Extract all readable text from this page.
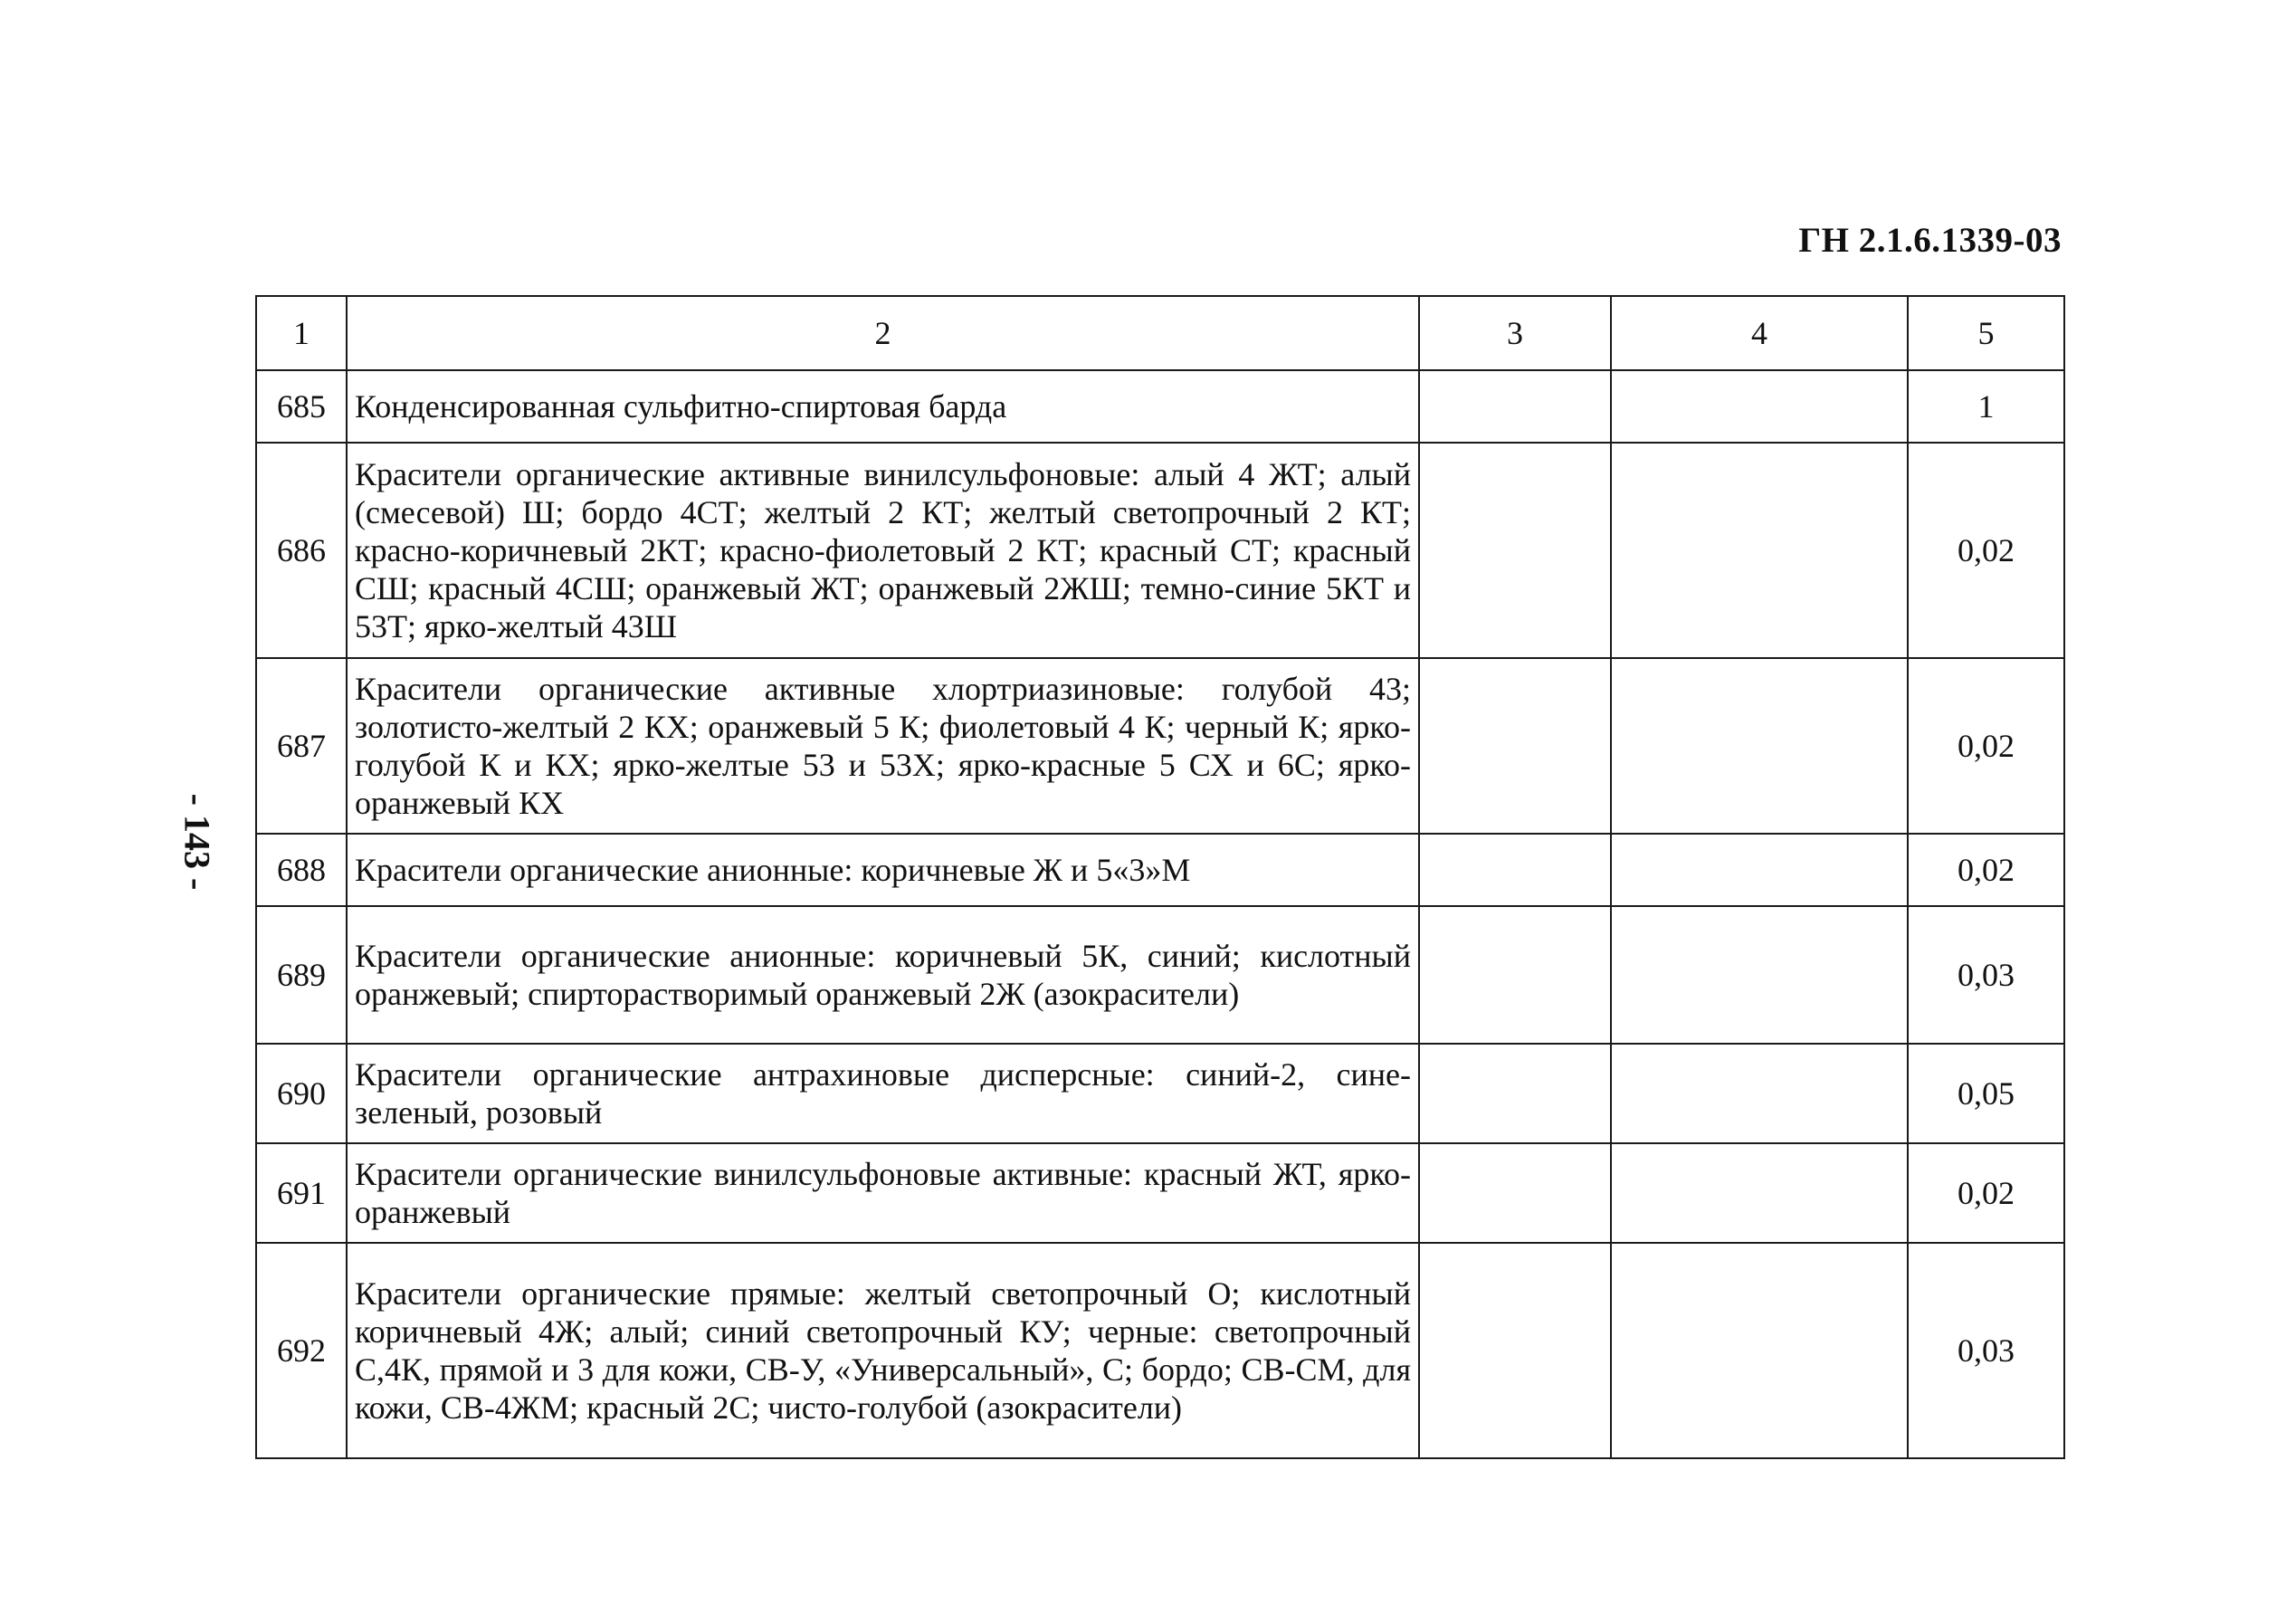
ГН 2.1.6.1339-03
- 143 -
1	2	3	4	5
685	Конденсированная сульфитно-спиртовая барда			1
686	Красители органические активные винилсульфоновые: алый 4 ЖТ; алый (смесевой) Ш; бордо 4СТ; желтый 2 КТ; желтый светопрочный 2 КТ; красно-коричневый 2КТ; красно-фиолетовый 2 КТ; красный СТ; красный СШ; красный 4СШ; оранжевый ЖТ; оранжевый 2ЖШ; темно-синие 5КТ и 53Т; ярко-желтый 43Ш			0,02
687	Красители органические активные хлортриазиновые: голубой 43; золотисто-желтый 2 КХ; оранжевый 5 К; фиолетовый 4 К; черный К; ярко-голубой К и КХ; ярко-желтые 53 и 53Х; ярко-красные 5 СХ и 6С; ярко-оранжевый КХ			0,02
688	Красители органические анионные: коричневые Ж и 5«3»М			0,02
689	Красители органические анионные: коричневый 5К, синий; кислотный оранжевый; спирторастворимый оранжевый 2Ж (азокрасители)			0,03
690	Красители органические антрахиновые дисперсные: синий-2, сине-зеленый, розовый			0,05
691	Красители органические винилсульфоновые активные: красный ЖТ, ярко-оранжевый			0,02
692	Красители органические прямые: желтый светопрочный О; кислотный коричневый 4Ж; алый; синий светопрочный КУ; черные: светопрочный С,4К, прямой и 3 для кожи, СВ-У, «Универсальный», С; бордо; СВ-СМ, для кожи, СВ-4ЖМ; красный 2С; чисто-голубой (азокрасители)			0,03
